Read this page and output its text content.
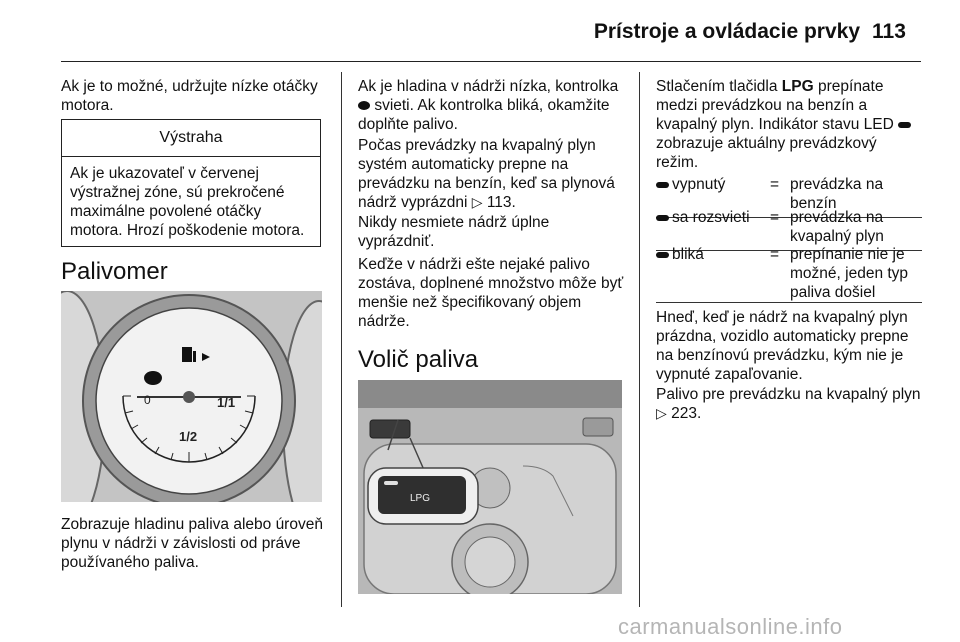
Prístroje a ovládacie prvky 113

Ak je to možné, udržujte nízke otáčky motora.

Výstraha
Ak je ukazovateľ v červenej výstražnej zóne, sú prekročené maximálne povolené otáčky motora. Hrozí poškodenie motora.
Palivomer
0	1/1
1/2

Zobrazuje hladinu paliva alebo úroveň plynu v nádrži v závislosti od práve používaného paliva.

Ak je hladina v nádrži nízka, kontrolka  svieti. Ak kontrolka bliká, okamžite doplňte palivo.

Počas prevádzky na kvapalný plyn systém automaticky prepne na prevádzku na benzín, keď sa plynová nádrž vyprázdni ▷ 113.

Nikdy nesmiete nádrž úplne vyprázdniť.

Keďže v nádrži ešte nejaké palivo zostáva, doplnené množstvo môže byť menšie než špecifikovaný objem nádrže.

Volič paliva
LPG

Stlačením tlačidla LPG prepínate medzi prevádzkou na benzín a kvapalný plyn. Indikátor stavu LED zobrazuje aktuálny prevádzkový režim.

vypnutý	= prevádzka na benzín
sa rozsvieti	= prevádzka na kvapalný plyn
bliká	= prepínanie nie je možné, jeden typ paliva došiel

Hneď, keď je nádrž na kvapalný plyn prázdna, vozidlo automaticky prepne na benzínovú prevádzku, kým nie je vypnuté zapaľovanie.

Palivo pre prevádzku na kvapalný plyn ▷ 223.

carmanualsonline.info
